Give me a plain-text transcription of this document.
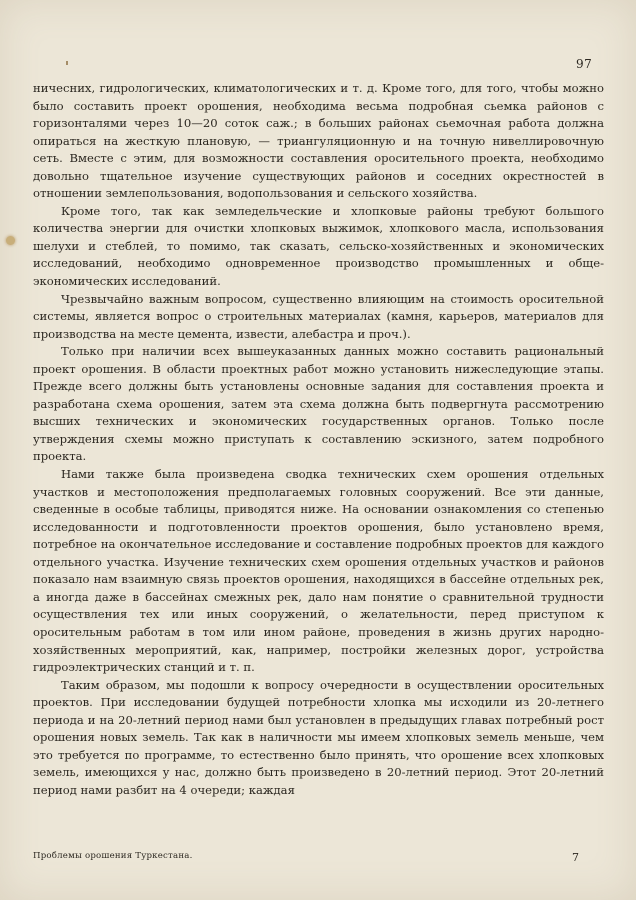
97

ничесних, гидрологических, климатологических и т. д. Кроме того, для того, чтобы можно было составить проект орошения, необходима весьма подробная сьемка районов с горизонталями через 10—20 соток саж.; в больших районах сьемочная работа должна опираться на жесткую плановую, — триангуляционную и на точную нивеллировочную сеть. Вместе с этим, для возможности составления оросительного проекта, необходимо довольно тщательное изучение существующих районов и соседних окрестностей в отношении землепользования, водопользования и сельского хозяйства.

Кроме того, так как земледельческие и хлопковые районы требуют большого количества энергии для очистки хлопковых выжимок, хлопкового масла, использования шелухи и стеблей, то помимо, так сказать, сельско-хозяйственных и экономических исследований, необходимо одновременное производство промышленных и обще-экономических исследований.

Чрезвычайно важным вопросом, существенно влияющим на стоимость оросительной системы, является вопрос о строительных материалах (камня, карьеров, материалов для производства на месте цемента, извести, алебастра и проч.).

Только при наличии всех вышеуказанных данных можно составить рациональный проект орошения. В области проектных работ можно установить нижеследующие этапы. Прежде всего должны быть установлены основные задания для составления проекта и разработана схема орошения, затем эта схема должна быть подвергнута рассмотрению высших технических и экономических государственных органов. Только после утверждения схемы можно приступать к составлению эскизного, затем подробного проекта.

Нами также была произведена сводка технических схем орошения отдельных участков и местоположения предполагаемых головных сооружений. Все эти данные, сведенные в особые таблицы, приводятся ниже. На основании ознакомления со степенью исследованности и подготовленности проектов орошения, было установлено время, потребное на окончательное исследование и составление подробных проектов для каждого отдельного участка. Изучение технических схем орошения отдельных участков и районов показало нам взаимную связь проектов орошения, находящихся в бассейне отдельных рек, а иногда даже в бассейнах смежных рек, дало нам понятие о сравнительной трудности осуществления тех или иных сооружений, о желательности, перед приступом к оросительным работам в том или ином районе, проведения в жизнь других народно-хозяйственных мероприятий, как, например, постройки железных дорог, устройства гидроэлектрических станций и т. п.

Таким образом, мы подошли к вопросу очередности в осуществлении оросительных проектов. При исследовании будущей потребности хлопка мы исходили из 20-летнего периода и на 20-летний период нами был установлен в предыдущих главах потребный рост орошения новых земель. Так как в наличности мы имеем хлопковых земель меньше, чем это требуется по программе, то естественно было принять, что орошение всех хлопковых земель, имеющихся у нас, должно быть произведено в 20-летний период. Этот 20-летний период нами разбит на 4 очереди; каждая

Проблемы орошения Туркестана.	7
